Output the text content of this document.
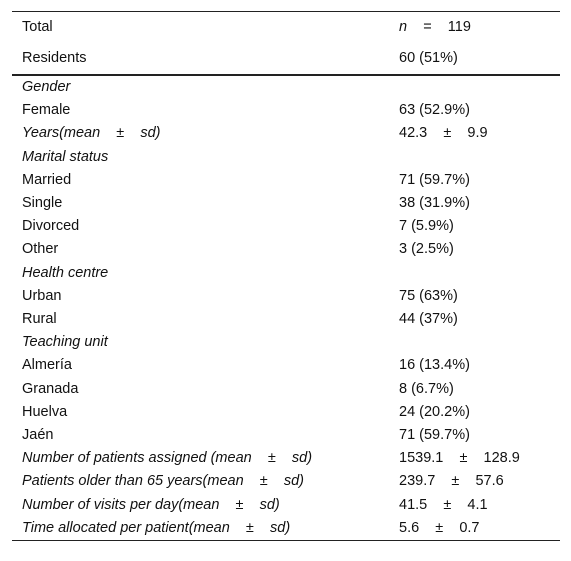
Total	n    =    119
Residents	60 (51%)
Gender	
Female	63 (52.9%)
Years(mean    ±    sd)	42.3    ±    9.9
Marital status	
Married	71 (59.7%)
Single	38 (31.9%)
Divorced	7 (5.9%)
Other	3 (2.5%)
Health centre	
Urban	75 (63%)
Rural	44 (37%)
Teaching unit	
Almería	16 (13.4%)
Granada	8 (6.7%)
Huelva	24 (20.2%)
Jaén	71 (59.7%)
Number of patients assigned (mean    ±    sd)	1539.1    ±    128.9
Patients older than 65 years(mean    ±    sd)	239.7    ±    57.6
Number of visits per day(mean    ±    sd)	41.5    ±    4.1
Time allocated per patient(mean    ±    sd)	5.6    ±    0.7
